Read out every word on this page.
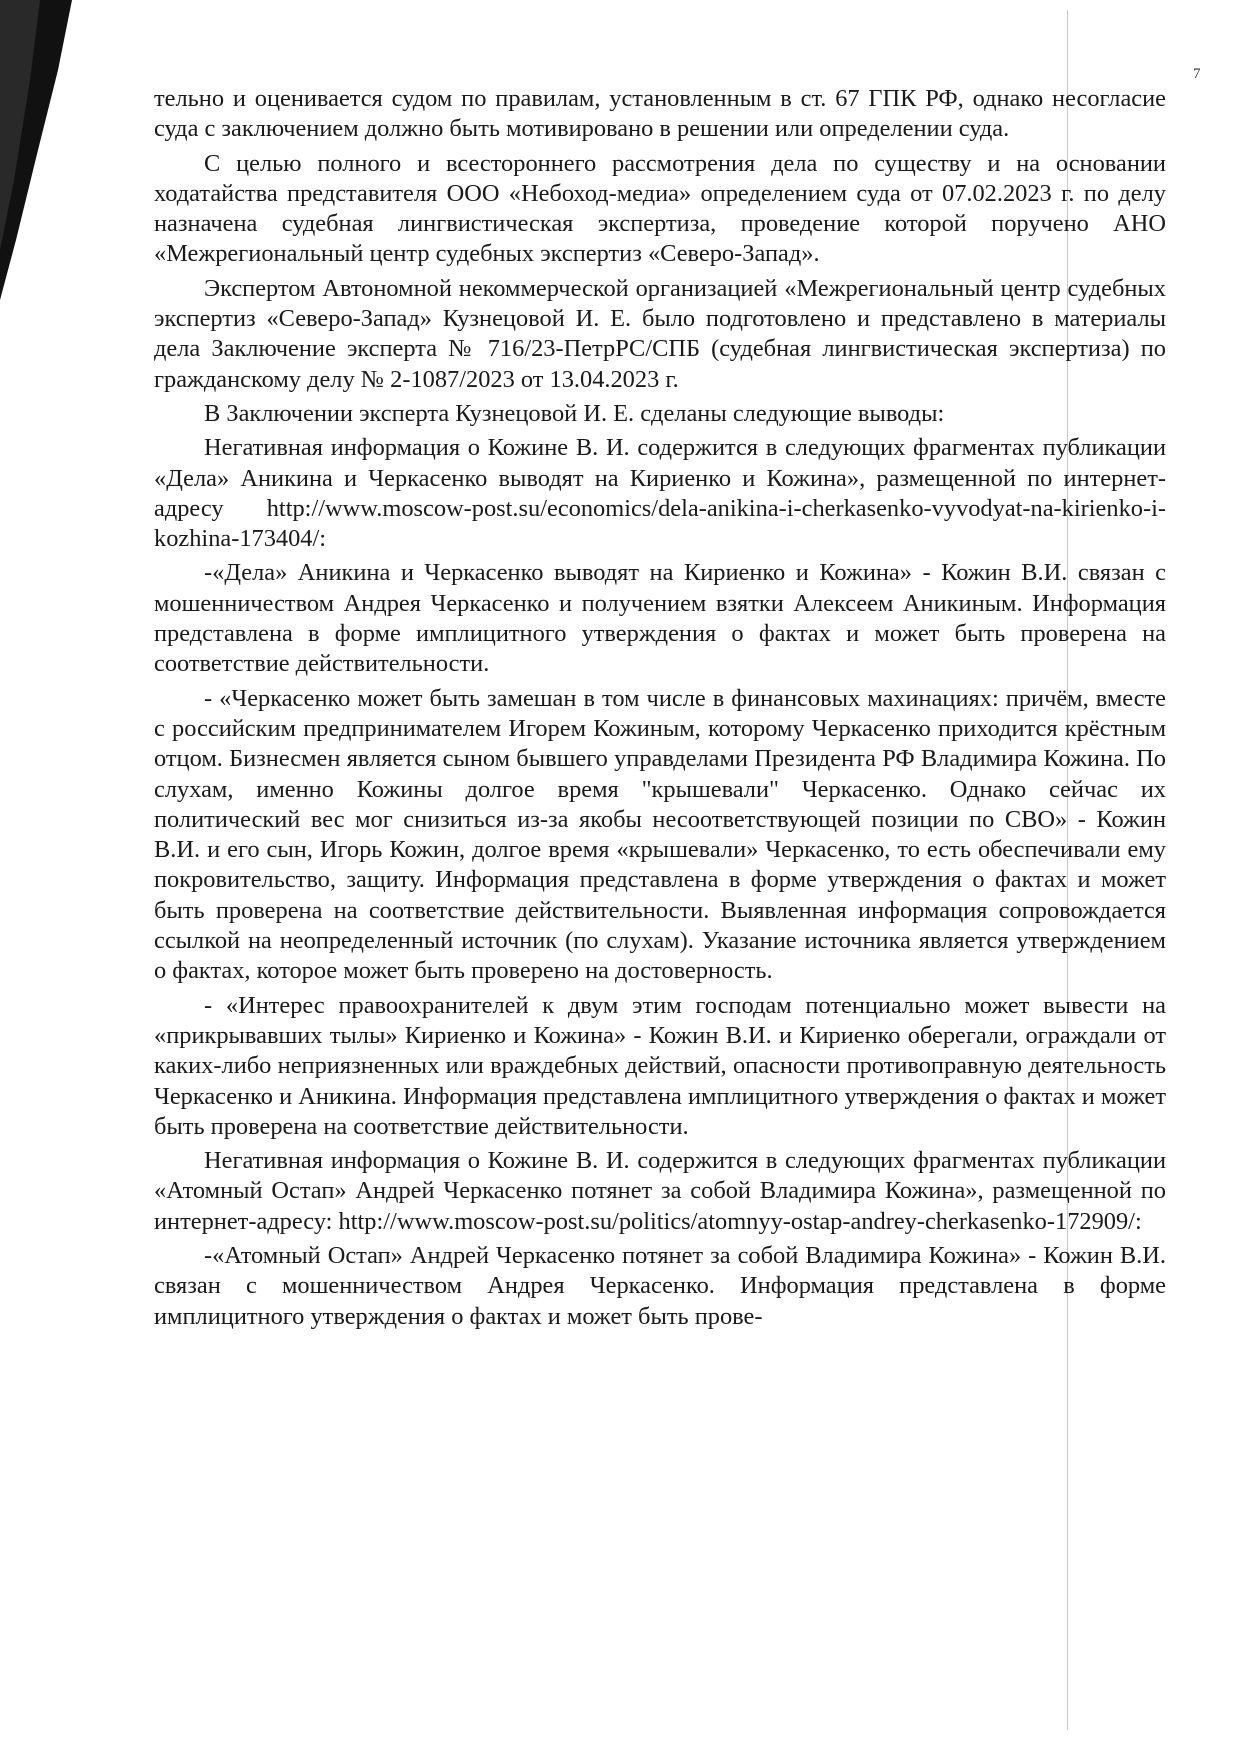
7

тельно и оценивается судом по правилам, установленным в ст. 67 ГПК РФ, однако несогласие суда с заключением должно быть мотивировано в решении или определении суда.

С целью полного и всестороннего рассмотрения дела по существу и на основании ходатайства представителя ООО «Небоход-медиа» определением суда от 07.02.2023 г. по делу назначена судебная лингвистическая экспертиза, проведение которой поручено АНО «Межрегиональный центр судебных экспертиз «Северо-Запад».

Экспертом Автономной некоммерческой организацией «Межрегиональный центр судебных экспертиз «Северо-Запад» Кузнецовой И. Е. было подготовлено и представлено в материалы дела Заключение эксперта № 716/23-ПетрРС/СПБ (судебная лингвистическая экспертиза) по гражданскому делу № 2-1087/2023 от 13.04.2023 г.

В Заключении эксперта Кузнецовой И. Е. сделаны следующие выводы:

Негативная информация о Кожине В. И. содержится в следующих фрагментах публикации «Дела» Аникина и Черкасенко выводят на Кириенко и Кожина», размещенной по интернет-адресу http://www.moscow-post.su/economics/dela-anikina-i-cherkasenko-vyvodyat-na-kirienko-i-kozhina-173404/:

-«Дела» Аникина и Черкасенко выводят на Кириенко и Кожина» - Кожин В.И. связан с мошенничеством Андрея Черкасенко и получением взятки Алексеем Аникиным. Информация представлена в форме имплицитного утверждения о фактах и может быть проверена на соответствие действительности.

- «Черкасенко может быть замешан в том числе в финансовых махинациях: причём, вместе с российским предпринимателем Игорем Кожиным, которому Черкасенко приходится крёстным отцом. Бизнесмен является сыном бывшего управделами Президента РФ Владимира Кожина. По слухам, именно Кожины долгое время "крышевали" Черкасенко. Однако сейчас их политический вес мог снизиться из-за якобы несоответствующей позиции по СВО» - Кожин В.И. и его сын, Игорь Кожин, долгое время «крышевали» Черкасенко, то есть обеспечивали ему покровительство, защиту. Информация представлена в форме утверждения о фактах и может быть проверена на соответствие действительности. Выявленная информация сопровождается ссылкой на неопределенный источник (по слухам). Указание источника является утверждением о фактах, которое может быть проверено на достоверность.

- «Интерес правоохранителей к двум этим господам потенциально может вывести на «прикрывавших тылы» Кириенко и Кожина» - Кожин В.И. и Кириенко оберегали, ограждали от каких-либо неприязненных или враждебных действий, опасности противоправную деятельность Черкасенко и Аникина. Информация представлена имплицитного утверждения о фактах и может быть проверена на соответствие действительности.

Негативная информация о Кожине В. И. содержится в следующих фрагментах публикации «Атомный Остап» Андрей Черкасенко потянет за собой Владимира Кожина», размещенной по интернет-адресу: http://www.moscow-post.su/politics/atomnyy-ostap-andrey-cherkasenko-172909/:

-«Атомный Остап» Андрей Черкасенко потянет за собой Владимира Кожина» - Кожин В.И. связан с мошенничеством Андрея Черкасенко. Информация представлена в форме имплицитного утверждения о фактах и может быть прове-
